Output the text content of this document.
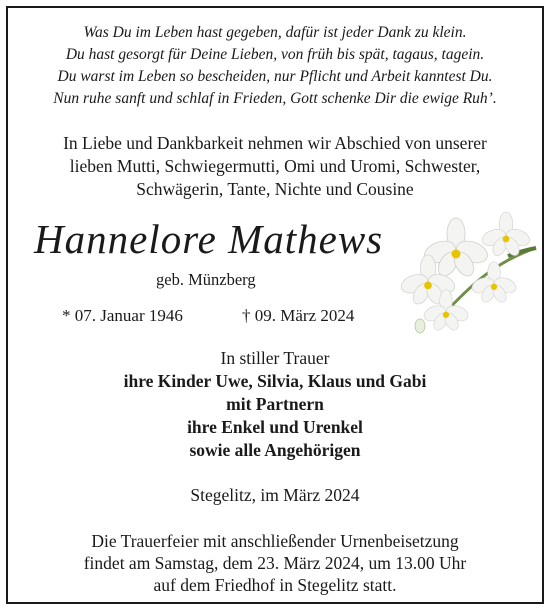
Was Du im Leben hast gegeben, dafür ist jeder Dank zu klein.
Du hast gesorgt für Deine Lieben, von früh bis spät, tagaus, tagein.
Du warst im Leben so bescheiden, nur Pflicht und Arbeit kanntest Du.
Nun ruhe sanft und schlaf in Frieden, Gott schenke Dir die ewige Ruh’.
In Liebe und Dankbarkeit nehmen wir Abschied von unserer
lieben Mutti, Schwiegermutti, Omi und Uromi, Schwester,
Schwägerin, Tante, Nichte und Cousine
Hannelore Mathews
geb. Münzberg
* 07. Januar 1946	† 09. März 2024
In stiller Trauer
ihre Kinder Uwe, Silvia, Klaus und Gabi
mit Partnern
ihre Enkel und Urenkel
sowie alle Angehörigen
Stegelitz, im März 2024
Die Trauerfeier mit anschließender Urnenbeisetzung
findet am Samstag, dem 23. März 2024, um 13.00 Uhr
auf dem Friedhof in Stegelitz statt.
